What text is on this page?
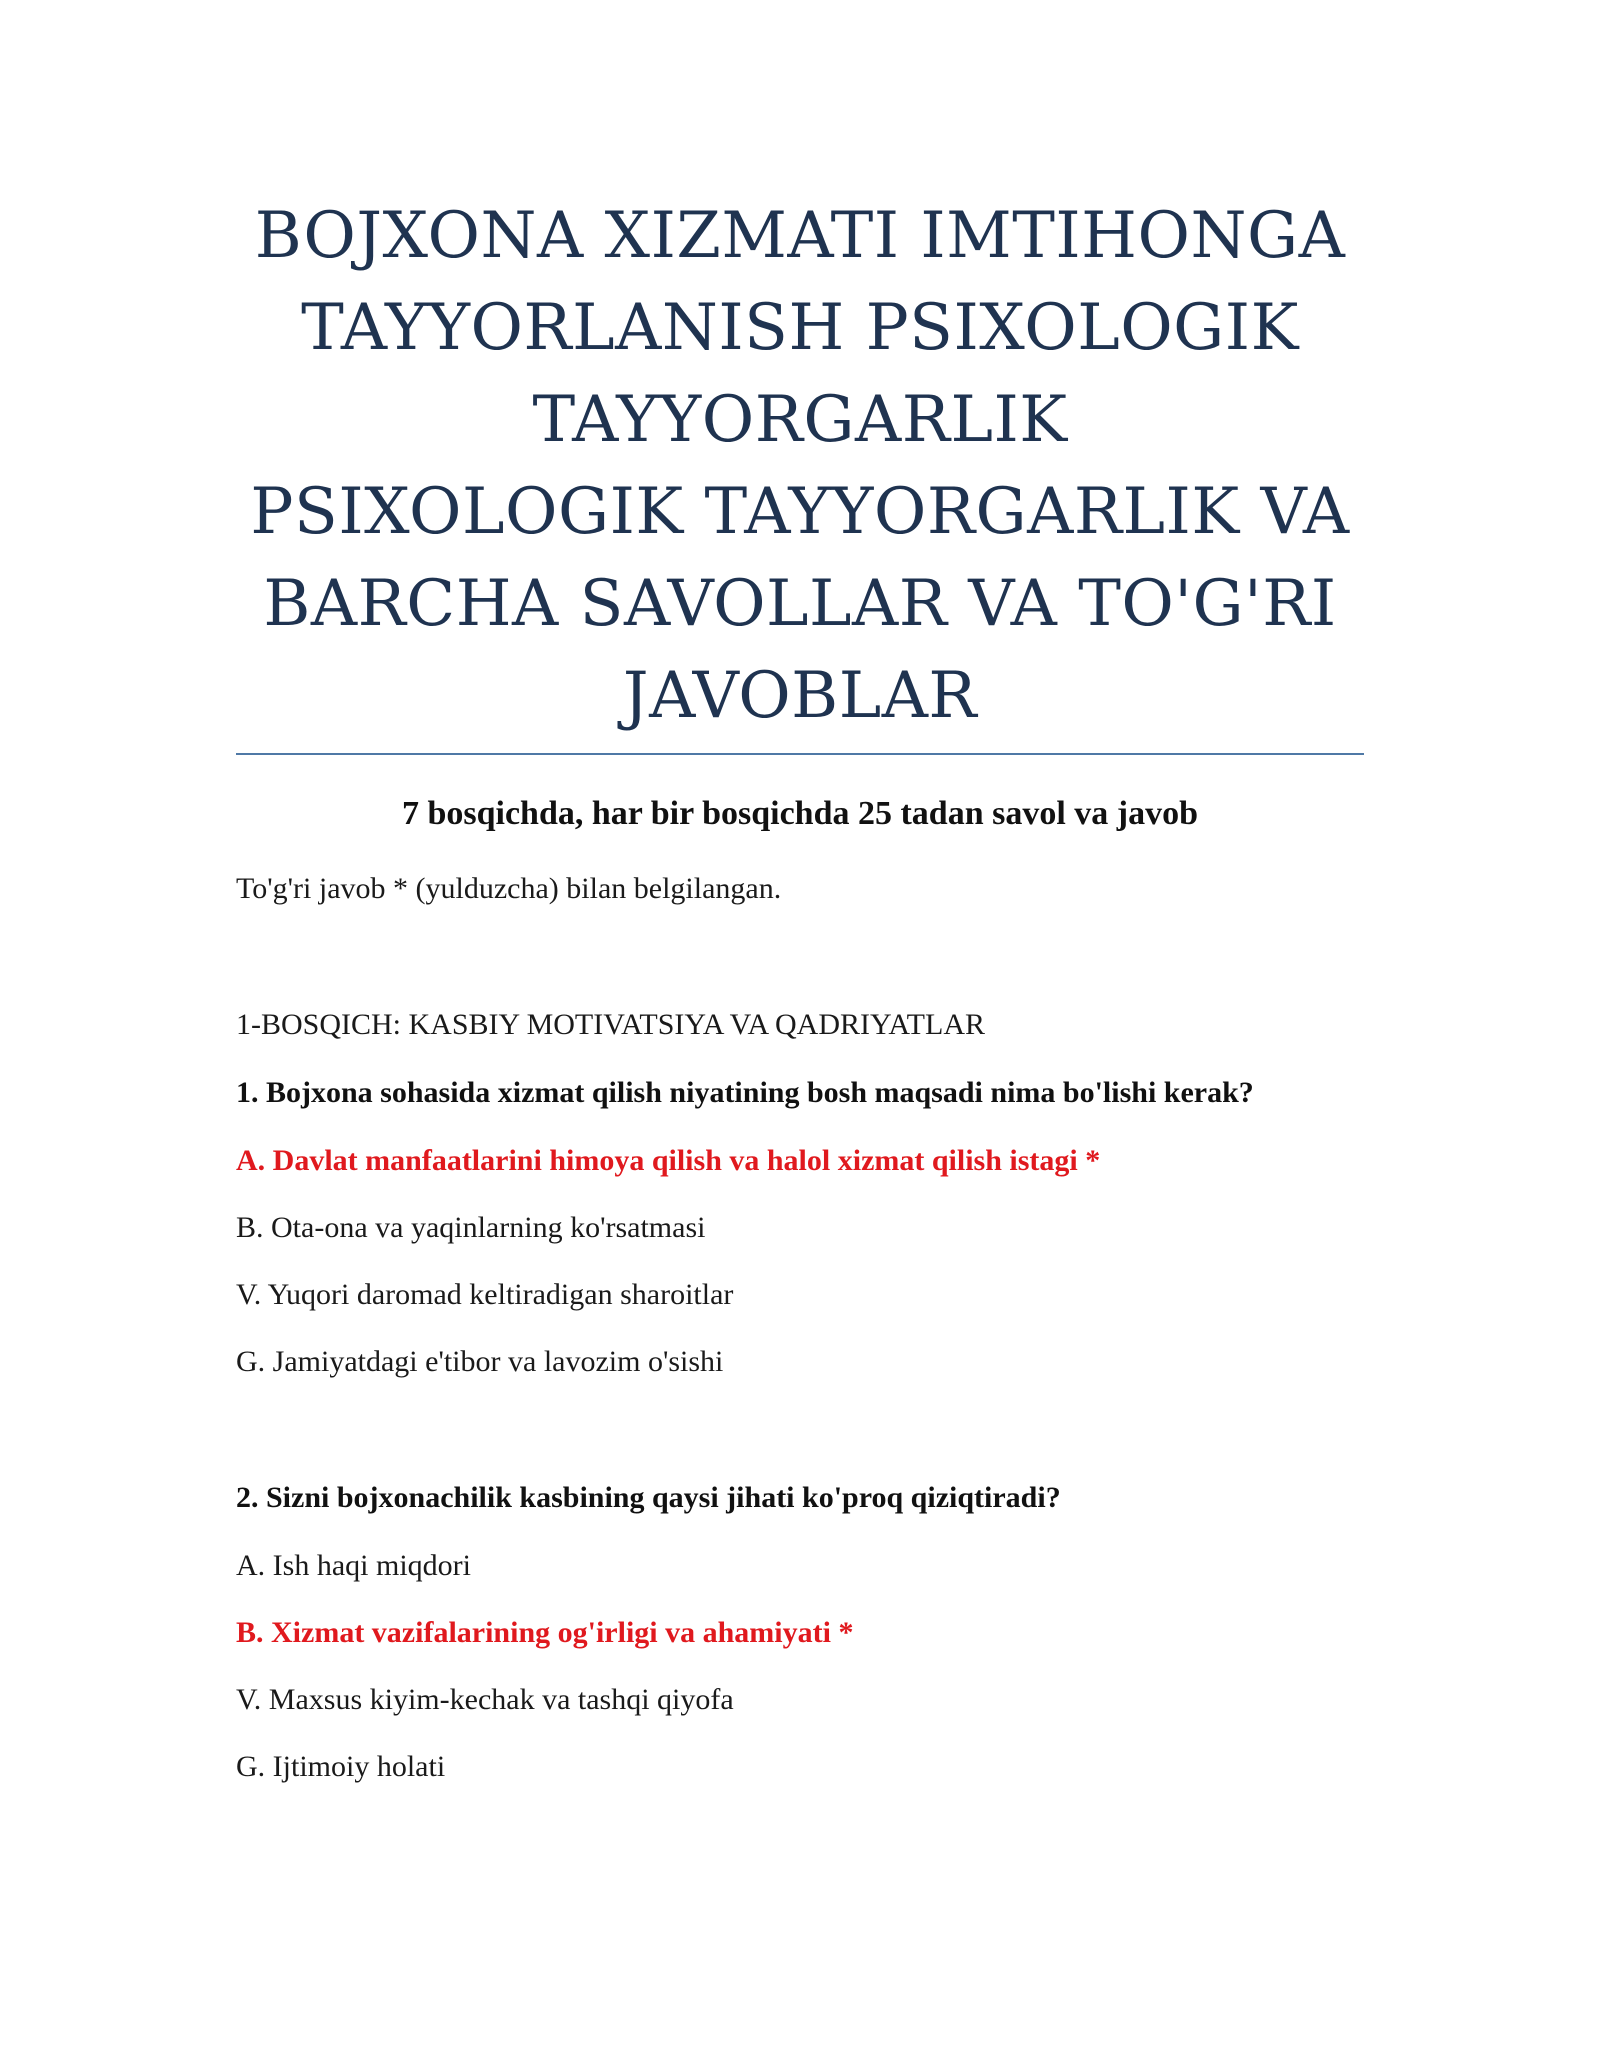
BOJXONA XIZMATI IMTIHONGA
TAYYORLANISH PSIXOLOGIK
TAYYORGARLIK
PSIXOLOGIK TAYYORGARLIK VA
BARCHA SAVOLLAR VA TO'G'RI
JAVOBLAR
7 bosqichda, har bir bosqichda 25 tadan savol va javob
To'g'ri javob * (yulduzcha) bilan belgilangan.
1-BOSQICH: KASBIY MOTIVATSIYA VA QADRIYATLAR
1. Bojxona sohasida xizmat qilish niyatining bosh maqsadi nima bo'lishi kerak?
A. Davlat manfaatlarini himoya qilish va halol xizmat qilish istagi *
B. Ota-ona va yaqinlarning ko'rsatmasi
V. Yuqori daromad keltiradigan sharoitlar
G. Jamiyatdagi e'tibor va lavozim o'sishi
2. Sizni bojxonachilik kasbining qaysi jihati ko'proq qiziqtiradi?
A. Ish haqi miqdori
B. Xizmat vazifalarining og'irligi va ahamiyati *
V. Maxsus kiyim-kechak va tashqi qiyofa
G. Ijtimoiy holati
